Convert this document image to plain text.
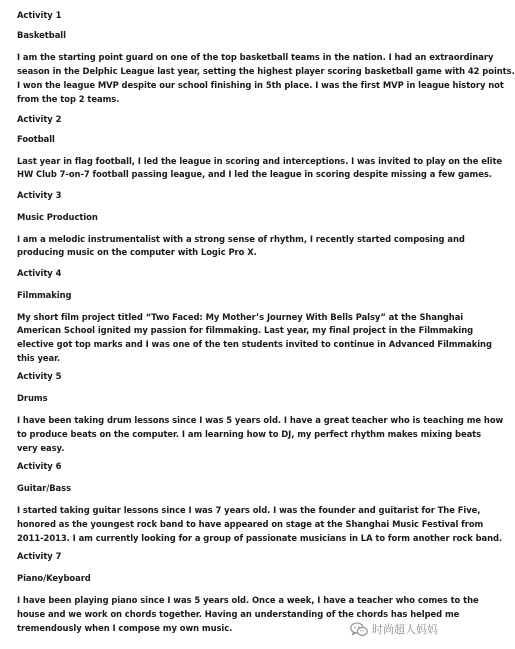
Activity 1
Basketball
I am the starting point guard on one of the top basketball teams in the nation. I had an extraordinary
season in the Delphic League last year, setting the highest player scoring basketball game with 42 points.
I won the league MVP despite our school finishing in 5th place. I was the first MVP in league history not
from the top 2 teams.
Activity 2
Football
Last year in flag football, I led the league in scoring and interceptions. I was invited to play on the elite
HW Club 7-on-7 football passing league, and I led the league in scoring despite missing a few games.
Activity 3
Music Production
I am a melodic instrumentalist with a strong sense of rhythm, I recently started composing and
producing music on the computer with Logic Pro X.
Activity 4
Filmmaking
My short film project titled “Two Faced: My Mother’s Journey With Bells Palsy” at the Shanghai
American School ignited my passion for filmmaking. Last year, my final project in the Filmmaking
elective got top marks and I was one of the ten students invited to continue in Advanced Filmmaking
this year.
Activity 5
Drums
I have been taking drum lessons since I was 5 years old. I have a great teacher who is teaching me how
to produce beats on the computer. I am learning how to DJ, my perfect rhythm makes mixing beats
very easy.
Activity 6
Guitar/Bass
I started taking guitar lessons since I was 7 years old. I was the founder and guitarist for The Five,
honored as the youngest rock band to have appeared on stage at the Shanghai Music Festival from
2011-2013. I am currently looking for a group of passionate musicians in LA to form another rock band.
Activity 7
Piano/Keyboard
I have been playing piano since I was 5 years old. Once a week, I have a teacher who comes to the
house and we work on chords together. Having an understanding of the chords has helped me
tremendously when I compose my own music.	时尚超人妈妈
